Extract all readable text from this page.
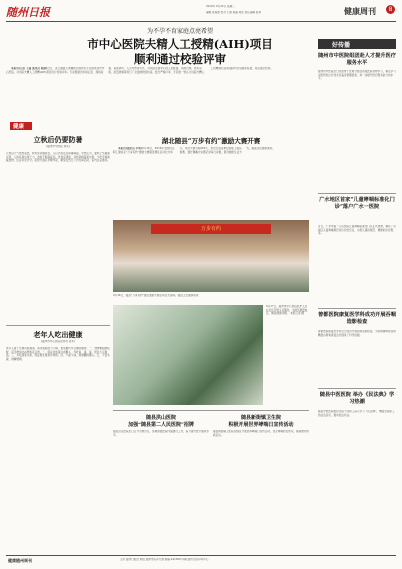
随州日报	2019年 9月24日 星期二
编辑 张海波 校对 王敏 美编 刘佳 责任编辑 赵琦	健康周刊	8
为不孕不育家庭点亮希望
市中心医院夫精人工授精(AIH)项目
顺利通过校验评审

本报讯(记者 王丽 通讯员 陈静)近日，省卫健委人类辅助生殖技术专家组来到市中心医院，对该院夫精人工授精(AIH)项目进行校验评审。专家组通过听取汇报、现场查看、查阅资料、人员考核等方式，对该院生殖中心的人员配置、场地设施、技术流程、质量控制等进行了全面细致的检查。经过严格评审，专家组一致认为该院夫精人工授精项目各项指标均达到国家标准，同意通过校验。

好传播
随州市中医院组团赴人才提升医疗服务水平
随州市中医院近日选派骨干医师分批赴省级医院进修学习，重点学习中医特色诊疗技术及临床管理经验，进一步提升医疗服务能力和水平。
广水地区首家“儿童哮喘标准化门诊”落户广水一医院
近日，广水市第一人民医院儿童哮喘标准化门诊正式挂牌，填补了该地区儿童哮喘规范化诊疗的空白，为患儿提供规范、便捷的诊疗服务。
曾都医院康复医学科成功开展吞咽造影检查
曾都医院康复医学科近日成功开展吞咽造影检查，为吞咽障碍患者的精准诊断和康复治疗提供了科学依据。
随县中医医院 举办《民法典》学习热潮
随县中医医院组织全院干部职工深入学习《民法典》，增强全院职工的法治意识，推动依法执业。
健康
立秋后仍要防暑
(随州市中医院 刘英)
立秋后天气依然炎热，秋老虎余威犹在，人们仍需注意防暑降温。中医认为，夏秋之交暑湿交蒸，人体容易出现乏力、食欲不振等症状。饮食宜清淡，多吃新鲜蔬菜水果，少吃辛辣油腻食物，注意补充水分。起居方面应早睡早起，避免在烈日下长时间活动，室内注意通风。
老年人吃出健康
(随州市中心医院营养科 张华)
老年人由于生理功能减退，消化吸收能力下降，更需要科学合理的膳食。一、食物要粗细搭配，适当增加全谷物和杂豆类。二、保证优质蛋白质摄入，多吃鱼、禽、蛋、奶及大豆制品。三、多吃蔬菜水果，保证维生素和矿物质。四、少盐少油，控制糖的摄入。五、少量多餐，细嚼慢咽。
湖北随县“万步有约”激励大赛开赛

本报讯(通讯员 李明)9月16日，2019年全国机关职工健步走“万步有约”激励大赛随县赛区启动仪式举行。本次大赛为期100天，来自全县各单位的职工组队参赛，通过佩戴计步器记录每日步数，倡导健康生活方式，提高全民健康素养。

万步有约
9月16日，随县“万步有约”健走激励大赛启动仪式现场。随县卫生健康局供
9月17日，随州市中心医院医护人员在社区开展义诊服务，为居民测量血压、解答健康问题。 本报记者 摄
随县洪山医院
加强“随县第二人民医院”招牌
随县洪山医院近日召开专题会议，部署加强医院内涵建设工作，着力提升医疗服务水平。
随县新街镇卫生院
积极开展世界哮喘日宣传活动
随县新街镇卫生院在辖区开展世界哮喘日宣传活动，普及哮喘防治知识，提高群众防病意识。
健康随州周刊	主办 随州日报社 地址 随州市沿河大道 邮编 441300 印刷 随州日报印务中心
